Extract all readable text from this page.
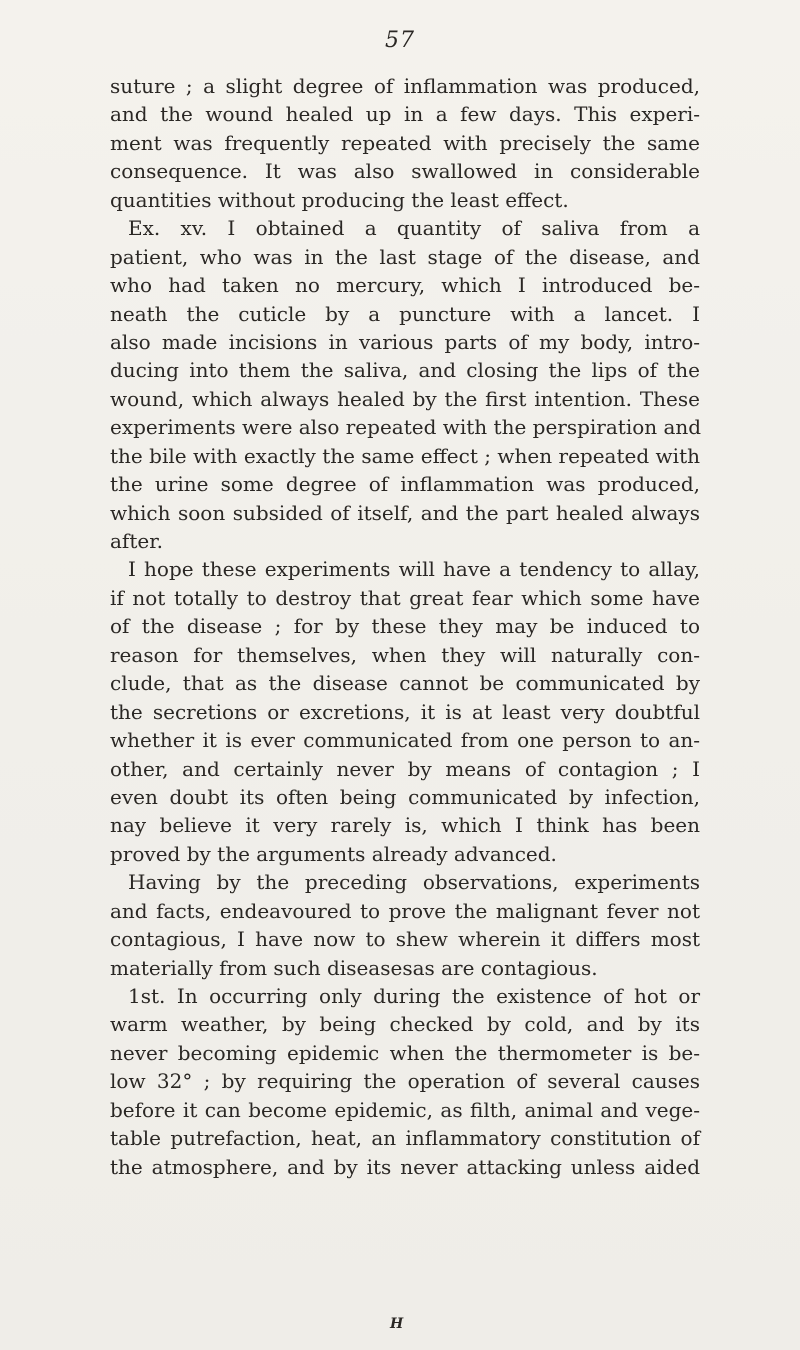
57
suture ; a slight degree of inflammation was produced,
and the wound healed up in a few days. This experi-
ment was frequently repeated with precisely the same
consequence. It was also swallowed in considerable
quantities without producing the least effect.
Ex. xv. I obtained a quantity of saliva from a
patient, who was in the last stage of the disease, and
who had taken no mercury, which I introduced be-
neath the cuticle by a puncture with a lancet. I
also made incisions in various parts of my body, intro-
ducing into them the saliva, and closing the lips of the
wound, which always healed by the first intention. These
experiments were also repeated with the perspiration and
the bile with exactly the same effect ; when repeated with
the urine some degree of inflammation was produced,
which soon subsided of itself, and the part healed always
after.
I hope these experiments will have a tendency to allay,
if not totally to destroy that great fear which some have
of the disease ; for by these they may be induced to
reason for themselves, when they will naturally con-
clude, that as the disease cannot be communicated by
the secretions or excretions, it is at least very doubtful
whether it is ever communicated from one person to an-
other, and certainly never by means of contagion ; I
even doubt its often being communicated by infection,
nay believe it very rarely is, which I think has been
proved by the arguments already advanced.
Having by the preceding observations, experiments
and facts, endeavoured to prove the malignant fever not
contagious, I have now to shew wherein it differs most
materially from such diseasesas are contagious.
1st. In occurring only during the existence of hot or
warm weather, by being checked by cold, and by its
never becoming epidemic when the thermometer is be-
low 32° ; by requiring the operation of several causes
before it can become epidemic, as filth, animal and vege-
table putrefaction, heat, an inflammatory constitution of
the atmosphere, and by its never attacking unless aided
H
